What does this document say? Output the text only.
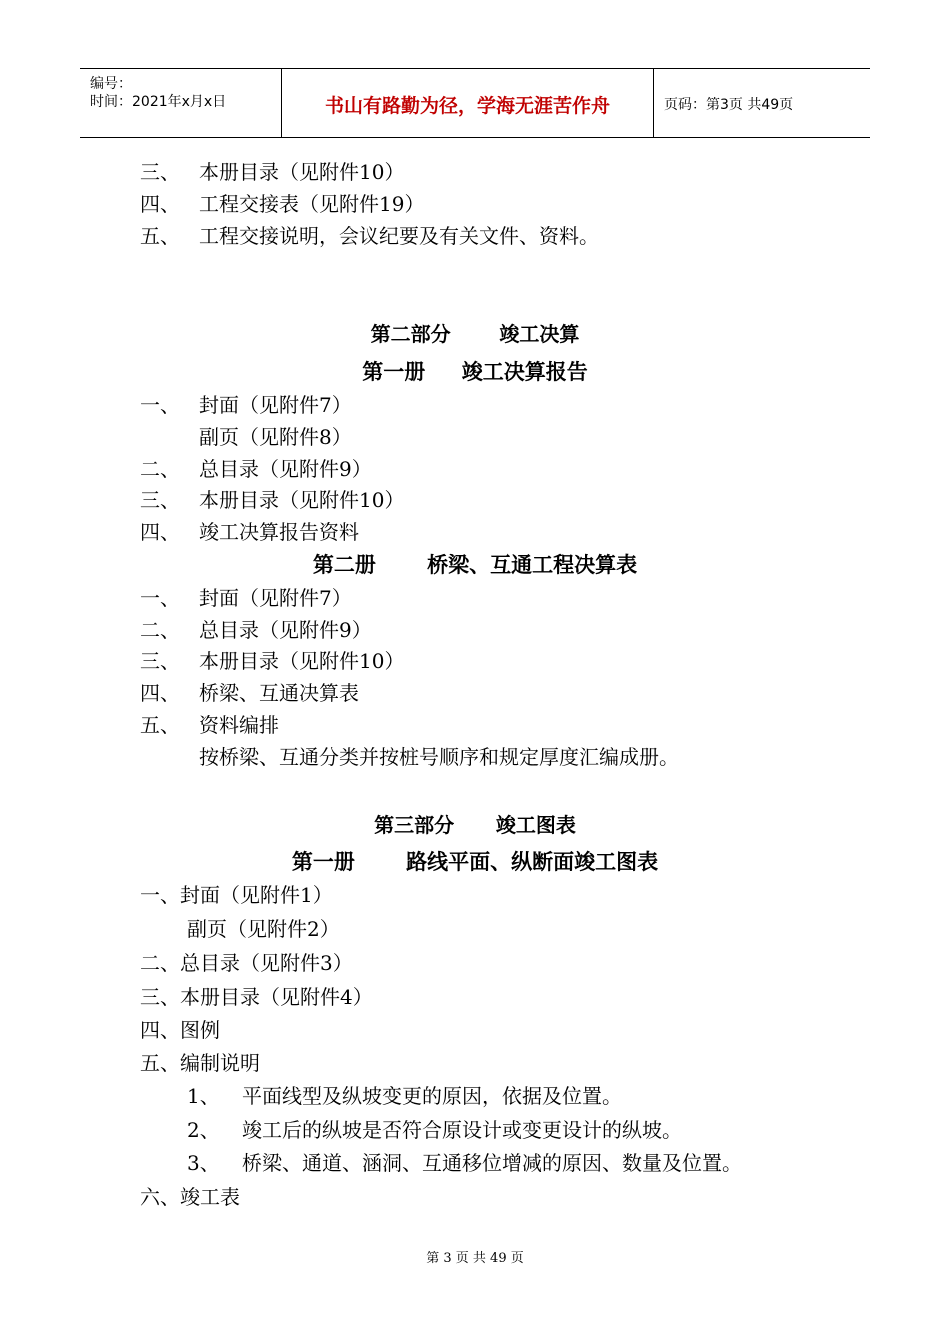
编号：
时间：2021年x月x日	书山有路勤为径，学海无涯苦作舟	页码：第3页 共49页
三、 本册目录（见附件10）
四、 工程交接表（见附件19）
五、 工程交接说明，会议纪要及有关文件、资料。
第二部分       竣工决算
第一册     竣工决算报告
一、 封面（见附件7）
副页（见附件8）
二、 总目录（见附件9）
三、 本册目录（见附件10）
四、 竣工决算报告资料
第二册       桥梁、互通工程决算表
一、 封面（见附件7）
二、 总目录（见附件9）
三、 本册目录（见附件10）
四、 桥梁、互通决算表
五、 资料编排
按桥梁、互通分类并按桩号顺序和规定厚度汇编成册。
第三部分      竣工图表
第一册       路线平面、纵断面竣工图表
一、封面（见附件1）
副页（见附件2）
二、总目录（见附件3）
三、本册目录（见附件4）
四、图例
五、编制说明
1、 平面线型及纵坡变更的原因，依据及位置。
2、 竣工后的纵坡是否符合原设计或变更设计的纵坡。
3、 桥梁、通道、涵洞、互通移位增减的原因、数量及位置。
六、竣工表
第 3 页 共 49 页
